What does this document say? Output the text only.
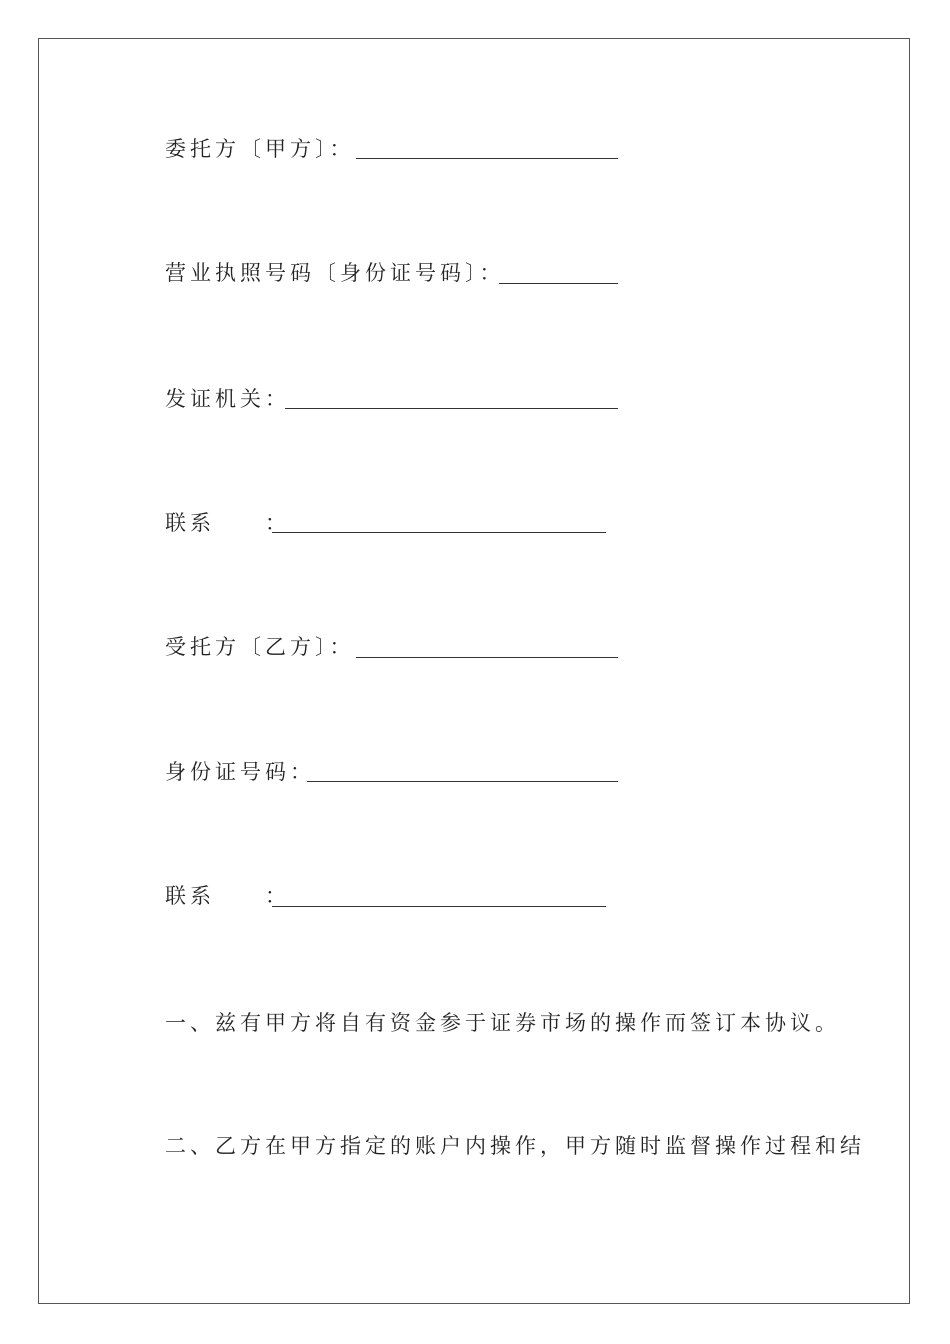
委托方〔甲方〕：
营业执照号码〔身份证号码〕：
发证机关：
联系　　：
受托方〔乙方〕：
身份证号码：
联系　　：
一、兹有甲方将自有资金参于证券市场的操作而签订本协议。
二、乙方在甲方指定的账户内操作，甲方随时监督操作过程和结
